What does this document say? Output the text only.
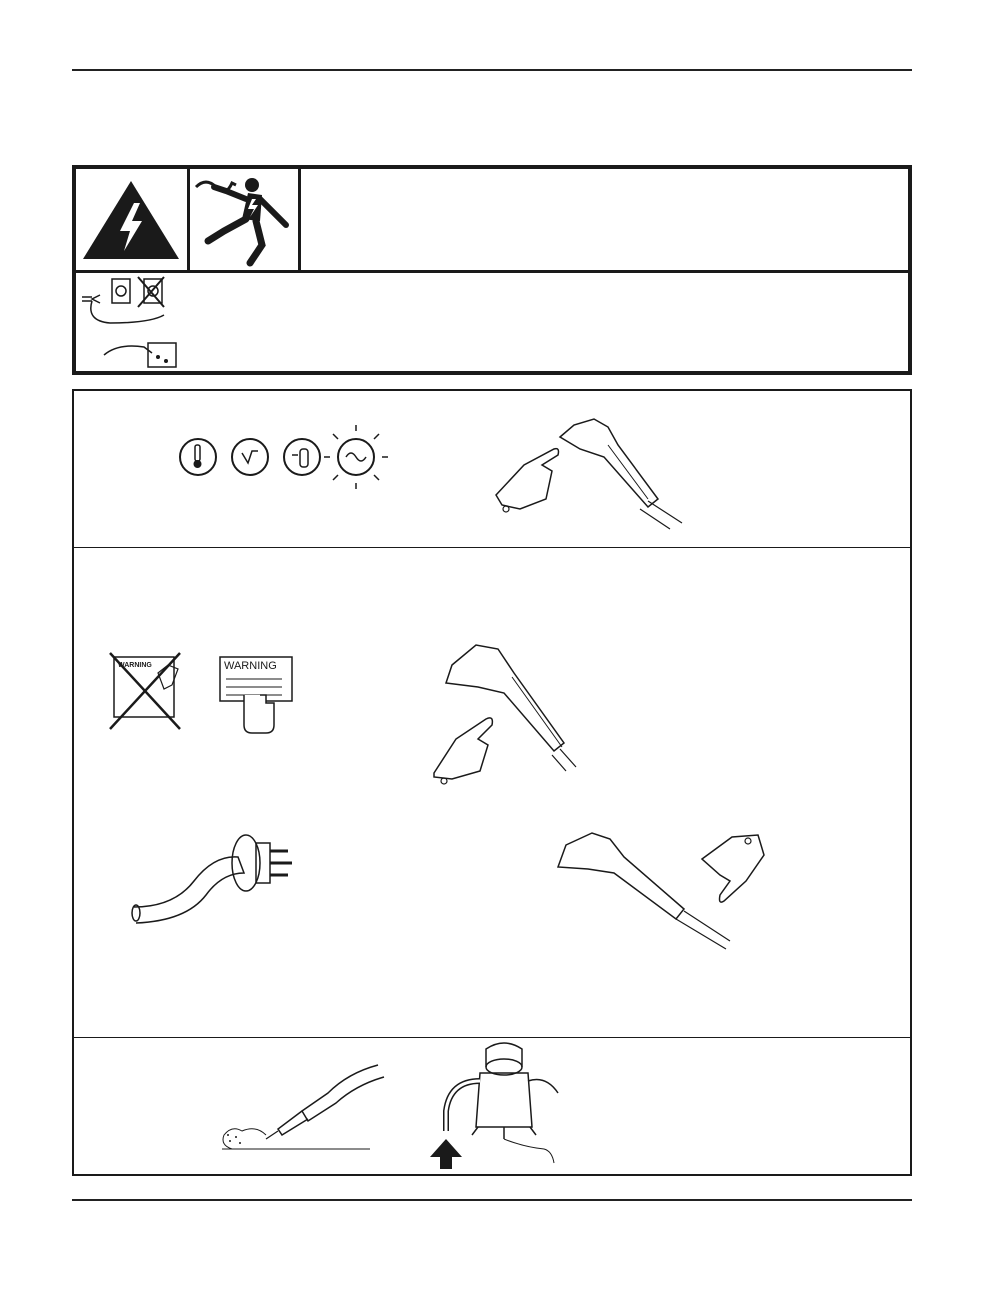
WARNING	WARNING
